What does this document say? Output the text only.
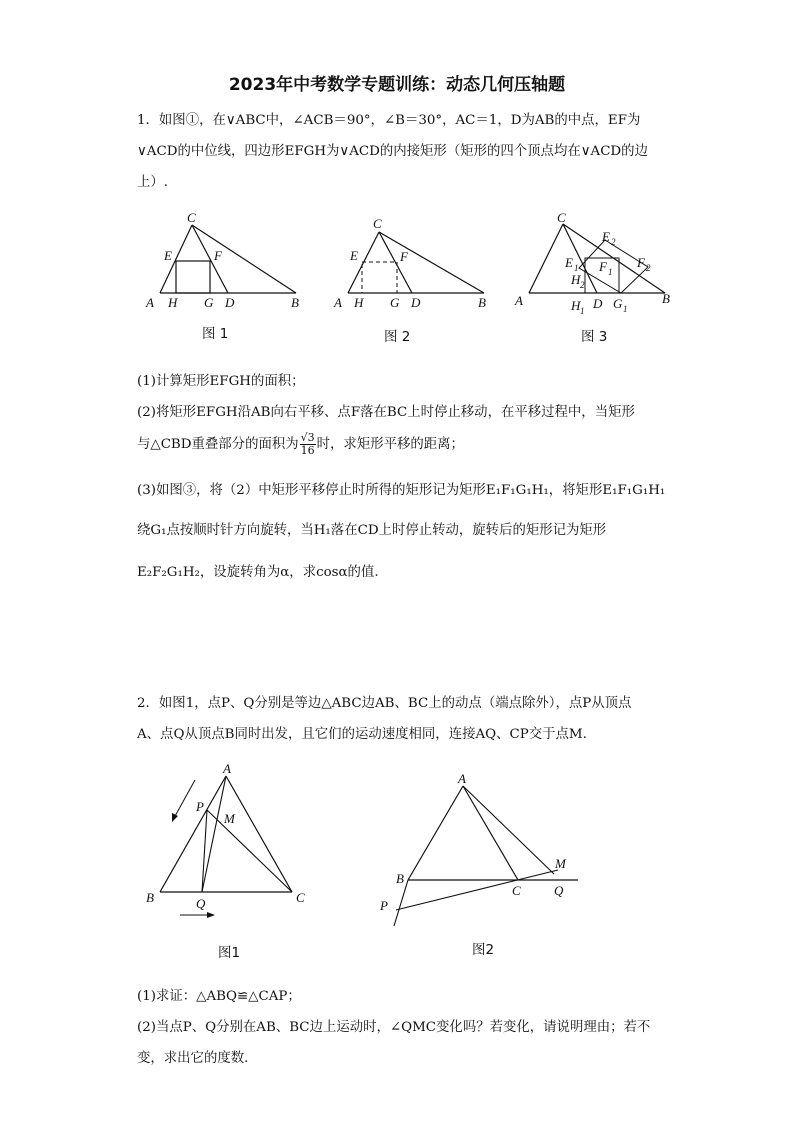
2023年中考数学专题训练：动态几何压轴题
1．如图①，在∨ABC中，∠ACB＝90°，∠B＝30°，AC＝1，D为AB的中点，EF为
∨ACD的中位线，四边形EFGH为∨ACD的内接矩形（矩形的四个顶点均在∨ACD的边
上）.
C
E	F
A H G D	B
图 1
C
E	F
A H G D	B
图 2
C
E 2
F 2
E 1 F 1
H 2
A	H 1 D G 1
B
图 3
(1)计算矩形EFGH的面积；
(2)将矩形EFGH沿AB向右平移、点F落在BC上时停止移动，在平移过程中，当矩形
与△CBD重叠部分的面积为 $\frac{√3}{16}$ 时，求矩形平移的距离；
(3)如图③，将（2）中矩形平移停止时所得的矩形记为矩形E₁F₁G₁H₁，将矩形E₁F₁G₁H₁
绕G₁点按顺时针方向旋转，当H₁落在CD上时停止转动，旋转后的矩形记为矩形
E₂F₂G₁H₂，设旋转角为α，求cosα的值.
2．如图1，点P、Q分别是等边△ABC边AB、BC上的动点（端点除外），点P从顶点
A、点Q从顶点B同时出发，且它们的运动速度相同，连接AQ、CP交于点M.
A
P
M
B	Q	C
图1
A
M
B
C	Q
P
图2
(1)求证：△ABQ≌△CAP；
(2)当点P、Q分别在AB、BC边上运动时，∠QMC变化吗？若变化，请说明理由；若不
变，求出它的度数.
